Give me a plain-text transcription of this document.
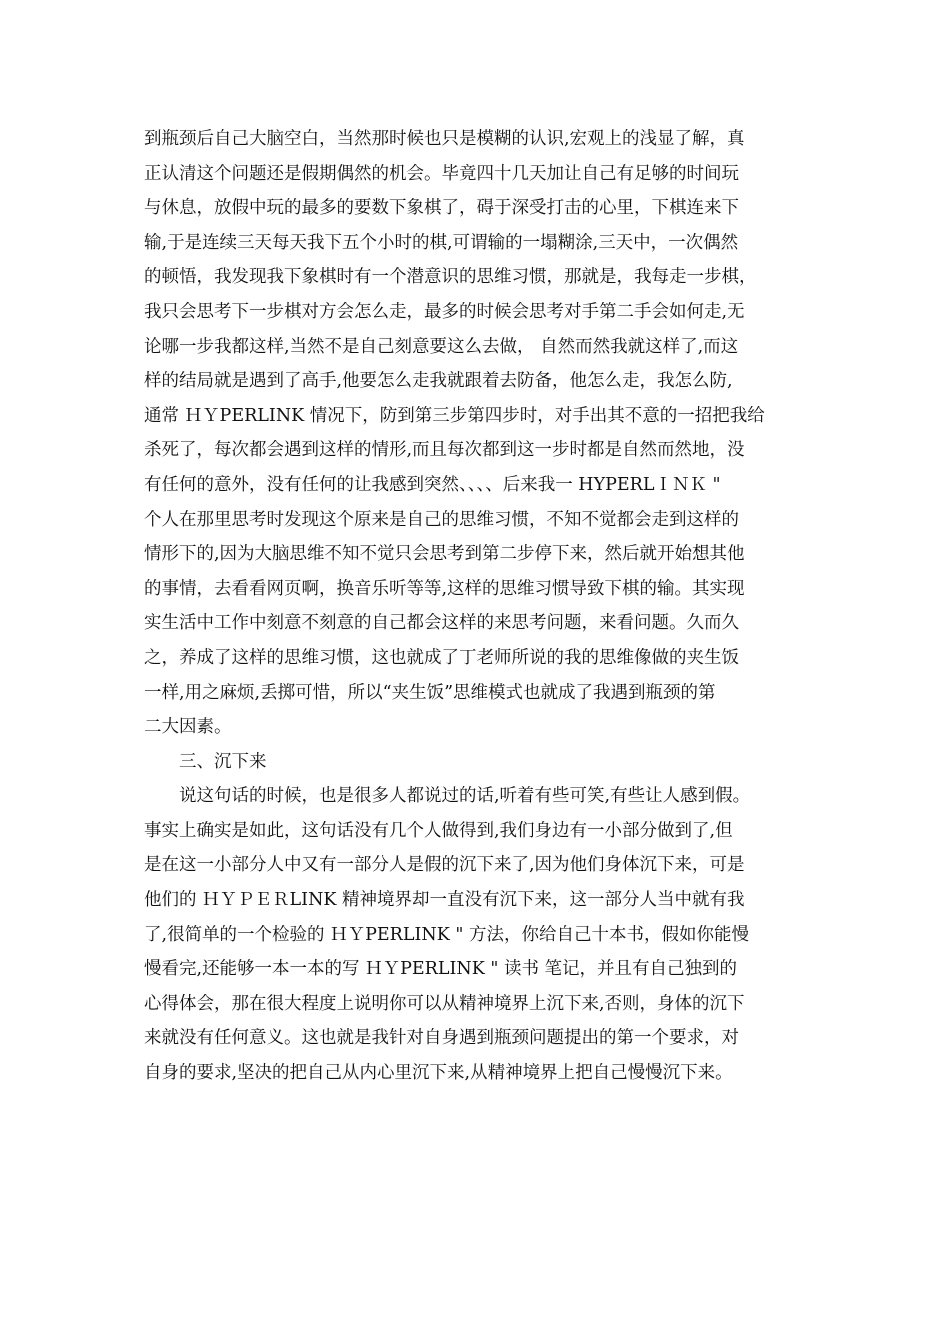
到瓶颈后自己大脑空白，当然那时候也只是模糊的认识,宏观上的浅显了解，真
正认清这个问题还是假期偶然的机会。毕竟四十几天加让自己有足够的时间玩
与休息，放假中玩的最多的要数下象棋了，碍于深受打击的心里，下棋连来下
输,于是连续三天每天我下五个小时的棋,可谓输的一塌糊涂,三天中，一次偶然
的顿悟，我发现我下象棋时有一个潜意识的思维习惯，那就是，我每走一步棋，
我只会思考下一步棋对方会怎么走，最多的时候会思考对手第二手会如何走,无
论哪一步我都这样,当然不是自己刻意要这么去做， 自然而然我就这样了,而这
样的结局就是遇到了高手,他要怎么走我就跟着去防备，他怎么走，我怎么防,
通常 ＨＹPERLINK 情况下，防到第三步第四步时，对手出其不意的一招把我给
杀死了，每次都会遇到这样的情形,而且每次都到这一步时都是自然而然地，没
有任何的意外，没有任何的让我感到突然、、、、后来我一 HYPERLＩＮＫ "
个人在那里思考时发现这个原来是自己的思维习惯，不知不觉都会走到这样的
情形下的,因为大脑思维不知不觉只会思考到第二步停下来，然后就开始想其他
的事情，去看看网页啊，换音乐听等等,这样的思维习惯导致下棋的输。其实现
实生活中工作中刻意不刻意的自己都会这样的来思考问题，来看问题。久而久
之，养成了这样的思维习惯，这也就成了丁老师所说的我的思维像做的夹生饭
一样,用之麻烦,丢掷可惜，所以“夹生饭”思维模式也就成了我遇到瓶颈的第
二大因素。
三、沉下来
说这句话的时候，也是很多人都说过的话,听着有些可笑,有些让人感到假。
事实上确实是如此，这句话没有几个人做得到,我们身边有一小部分做到了,但
是在这一小部分人中又有一部分人是假的沉下来了,因为他们身体沉下来，可是
他们的 ＨＹＰＥＲLINK 精神境界却一直没有沉下来，这一部分人当中就有我
了,很简单的一个检验的 ＨＹPERLINK " 方法，你给自己十本书，假如你能慢
慢看完,还能够一本一本的写 ＨＹPERLINK " 读书 笔记，并且有自己独到的
心得体会，那在很大程度上说明你可以从精神境界上沉下来,否则，身体的沉下
来就没有任何意义。这也就是我针对自身遇到瓶颈问题提出的第一个要求，对
自身的要求,坚决的把自己从内心里沉下来,从精神境界上把自己慢慢沉下来。
